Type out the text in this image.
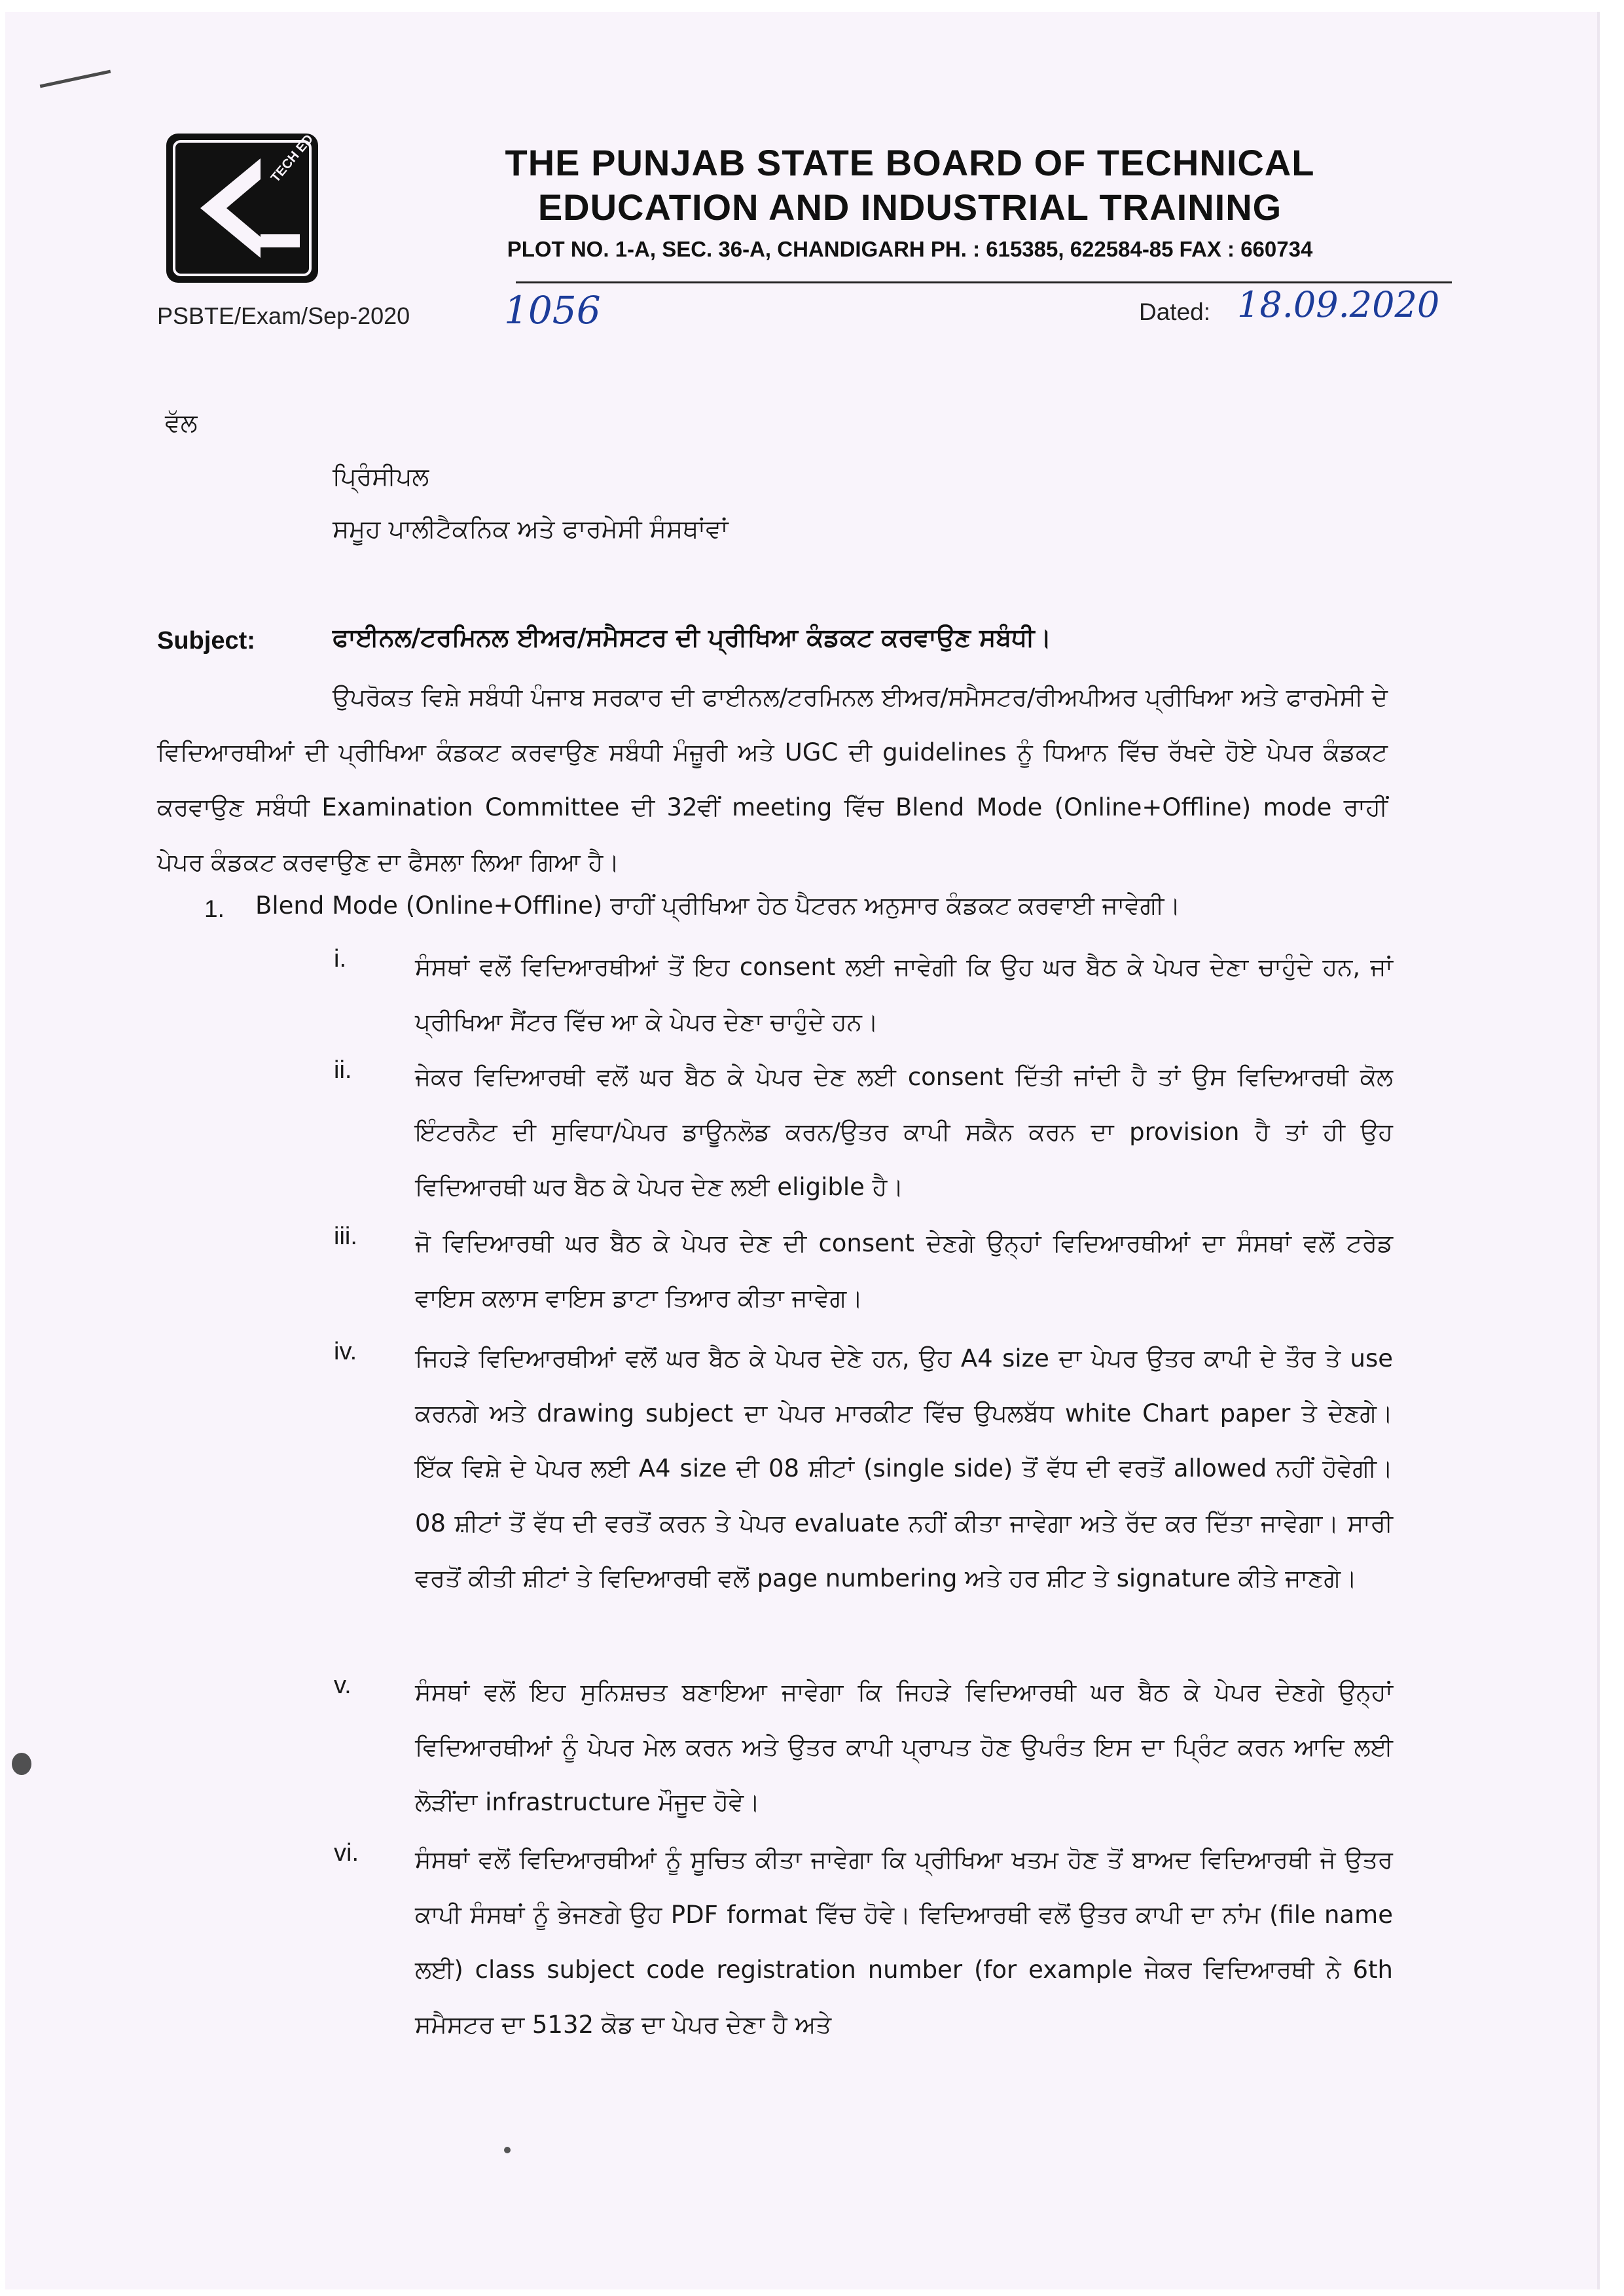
TECH ED	THE PUNJAB STATE BOARD OF TECHNICAL
EDUCATION AND INDUSTRIAL TRAINING
PLOT NO. 1-A, SEC. 36-A, CHANDIGARH PH. : 615385, 622584-85 FAX : 660734
PSBTE/Exam/Sep-2020 1056	Dated: 18.09.2020
ਵੱਲ
ਪ੍ਰਿੰਸੀਪਲ
ਸਮੂਹ ਪਾਲੀਟੈਕਨਿਕ ਅਤੇ ਫਾਰਮੇਸੀ ਸੰਸਥਾਂਵਾਂ
Subject:	ਫਾਈਨਲ/ਟਰਮਿਨਲ ਈਅਰ/ਸਮੈਸਟਰ ਦੀ ਪ੍ਰੀਖਿਆ ਕੰਡਕਟ ਕਰਵਾਉਣ ਸਬੰਧੀ।
ਉਪਰੋਕਤ ਵਿਸ਼ੇ ਸਬੰਧੀ ਪੰਜਾਬ ਸਰਕਾਰ ਦੀ ਫਾਈਨਲ/ਟਰਮਿਨਲ ਈਅਰ/ਸਮੈਸਟਰ/ਰੀਅਪੀਅਰ ਪ੍ਰੀਖਿਆ ਅਤੇ ਫਾਰਮੇਸੀ ਦੇ ਵਿਦਿਆਰਥੀਆਂ ਦੀ ਪ੍ਰੀਖਿਆ ਕੰਡਕਟ ਕਰਵਾਉਣ ਸਬੰਧੀ ਮੰਜ਼ੂਰੀ ਅਤੇ UGC ਦੀ guidelines ਨੂੰ ਧਿਆਨ ਵਿੱਚ ਰੱਖਦੇ ਹੋਏ ਪੇਪਰ ਕੰਡਕਟ ਕਰਵਾਉਣ ਸਬੰਧੀ Examination Committee ਦੀ 32ਵੀਂ meeting ਵਿੱਚ Blend Mode (Online+Offline) mode ਰਾਹੀਂ ਪੇਪਰ ਕੰਡਕਟ ਕਰਵਾਉਣ ਦਾ ਫੈਸਲਾ ਲਿਆ ਗਿਆ ਹੈ।
1. Blend Mode (Online+Offline) ਰਾਹੀਂ ਪ੍ਰੀਖਿਆ ਹੇਠ ਪੈਟਰਨ ਅਨੁਸਾਰ ਕੰਡਕਟ ਕਰਵਾਈ ਜਾਵੇਗੀ।
i.	ਸੰਸਥਾਂ ਵਲੋਂ ਵਿਦਿਆਰਥੀਆਂ ਤੋਂ ਇਹ consent ਲਈ ਜਾਵੇਗੀ ਕਿ ਉਹ ਘਰ ਬੈਠ ਕੇ ਪੇਪਰ ਦੇਣਾ ਚਾਹੁੰਦੇ ਹਨ, ਜਾਂ ਪ੍ਰੀਖਿਆ ਸੈਂਟਰ ਵਿੱਚ ਆ ਕੇ ਪੇਪਰ ਦੇਣਾ ਚਾਹੁੰਦੇ ਹਨ।
ii.	ਜੇਕਰ ਵਿਦਿਆਰਥੀ ਵਲੋਂ ਘਰ ਬੈਠ ਕੇ ਪੇਪਰ ਦੇਣ ਲਈ consent ਦਿੱਤੀ ਜਾਂਦੀ ਹੈ ਤਾਂ ਉਸ ਵਿਦਿਆਰਥੀ ਕੋਲ ਇੰਟਰਨੈਟ ਦੀ ਸੁਵਿਧਾ/ਪੇਪਰ ਡਾਊਨਲੋਡ ਕਰਨ/ਉਤਰ ਕਾਪੀ ਸਕੈਨ ਕਰਨ ਦਾ provision ਹੈ ਤਾਂ ਹੀ ਉਹ ਵਿਦਿਆਰਥੀ ਘਰ ਬੈਠ ਕੇ ਪੇਪਰ ਦੇਣ ਲਈ eligible ਹੈ।
iii. ਜੋ ਵਿਦਿਆਰਥੀ ਘਰ ਬੈਠ ਕੇ ਪੇਪਰ ਦੇਣ ਦੀ consent ਦੇਣਗੇ ਉਨ੍ਹਾਂ ਵਿਦਿਆਰਥੀਆਂ ਦਾ ਸੰਸਥਾਂ ਵਲੋਂ ਟਰੇਡ ਵਾਇਸ ਕਲਾਸ ਵਾਇਸ ਡਾਟਾ ਤਿਆਰ ਕੀਤਾ ਜਾਵੇਗ।
iv. ਜਿਹੜੇ ਵਿਦਿਆਰਥੀਆਂ ਵਲੋਂ ਘਰ ਬੈਠ ਕੇ ਪੇਪਰ ਦੇਣੇ ਹਨ, ਉਹ A4 size ਦਾ ਪੇਪਰ ਉਤਰ ਕਾਪੀ ਦੇ ਤੌਰ ਤੇ use ਕਰਨਗੇ ਅਤੇ drawing subject ਦਾ ਪੇਪਰ ਮਾਰਕੀਟ ਵਿੱਚ ਉਪਲਬੱਧ white Chart paper ਤੇ ਦੇਣਗੇ। ਇੱਕ ਵਿਸ਼ੇ ਦੇ ਪੇਪਰ ਲਈ A4 size ਦੀ 08 ਸ਼ੀਟਾਂ (single side) ਤੋਂ ਵੱਧ ਦੀ ਵਰਤੋਂ allowed ਨਹੀਂ ਹੋਵੇਗੀ। 08 ਸ਼ੀਟਾਂ ਤੋਂ ਵੱਧ ਦੀ ਵਰਤੋਂ ਕਰਨ ਤੇ ਪੇਪਰ evaluate ਨਹੀਂ ਕੀਤਾ ਜਾਵੇਗਾ ਅਤੇ ਰੱਦ ਕਰ ਦਿੱਤਾ ਜਾਵੇਗਾ। ਸਾਰੀ ਵਰਤੋਂ ਕੀਤੀ ਸ਼ੀਟਾਂ ਤੇ ਵਿਦਿਆਰਥੀ ਵਲੋਂ page numbering ਅਤੇ ਹਰ ਸ਼ੀਟ ਤੇ signature ਕੀਤੇ ਜਾਣਗੇ।
v.	ਸੰਸਥਾਂ ਵਲੋਂ ਇਹ ਸੁਨਿਸ਼ਚਤ ਬਣਾਇਆ ਜਾਵੇਗਾ ਕਿ ਜਿਹੜੇ ਵਿਦਿਆਰਥੀ ਘਰ ਬੈਠ ਕੇ ਪੇਪਰ ਦੇਣਗੇ ਉਨ੍ਹਾਂ ਵਿਦਿਆਰਥੀਆਂ ਨੂੰ ਪੇਪਰ ਮੇਲ ਕਰਨ ਅਤੇ ਉਤਰ ਕਾਪੀ ਪ੍ਰਾਪਤ ਹੋਣ ਉਪਰੰਤ ਇਸ ਦਾ ਪ੍ਰਿੰਟ ਕਰਨ ਆਦਿ ਲਈ ਲੋੜੀਂਦਾ infrastructure ਮੌਜੂਦ ਹੋਵੇ।
vi. ਸੰਸਥਾਂ ਵਲੋਂ ਵਿਦਿਆਰਥੀਆਂ ਨੂੰ ਸੂਚਿਤ ਕੀਤਾ ਜਾਵੇਗਾ ਕਿ ਪ੍ਰੀਖਿਆ ਖਤਮ ਹੋਣ ਤੋਂ ਬਾਅਦ ਵਿਦਿਆਰਥੀ ਜੋ ਉਤਰ ਕਾਪੀ ਸੰਸਥਾਂ ਨੂੰ ਭੇਜਣਗੇ ਉਹ PDF format ਵਿੱਚ ਹੋਵੇ। ਵਿਦਿਆਰਥੀ ਵਲੋਂ ਉਤਰ ਕਾਪੀ ਦਾ ਨਾਂਮ (file name ਲਈ) class subject code registration number (for example ਜੇਕਰ ਵਿਦਿਆਰਥੀ ਨੇ 6th ਸਮੈਸਟਰ ਦਾ 5132 ਕੋਡ ਦਾ ਪੇਪਰ ਦੇਣਾ ਹੈ ਅਤੇ
